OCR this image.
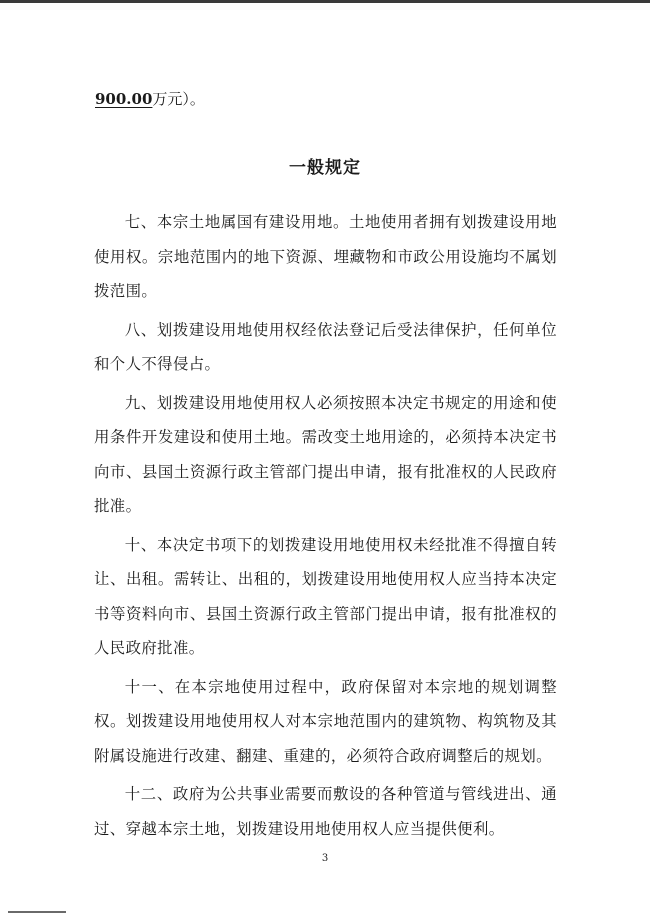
900.00万元）。
一般规定

七、本宗土地属国有建设用地。土地使用者拥有划拨建设用地使用权。宗地范围内的地下资源、埋藏物和市政公用设施均不属划拨范围。

八、划拨建设用地使用权经依法登记后受法律保护，任何单位和个人不得侵占。

九、划拨建设用地使用权人必须按照本决定书规定的用途和使用条件开发建设和使用土地。需改变土地用途的，必须持本决定书向市、县国土资源行政主管部门提出申请，报有批准权的人民政府批准。

十、本决定书项下的划拨建设用地使用权未经批准不得擅自转让、出租。需转让、出租的，划拨建设用地使用权人应当持本决定书等资料向市、县国土资源行政主管部门提出申请，报有批准权的人民政府批准。

十一、在本宗地使用过程中，政府保留对本宗地的规划调整权。划拨建设用地使用权人对本宗地范围内的建筑物、构筑物及其附属设施进行改建、翻建、重建的，必须符合政府调整后的规划。

十二、政府为公共事业需要而敷设的各种管道与管线进出、通过、穿越本宗土地，划拨建设用地使用权人应当提供便利。

3
